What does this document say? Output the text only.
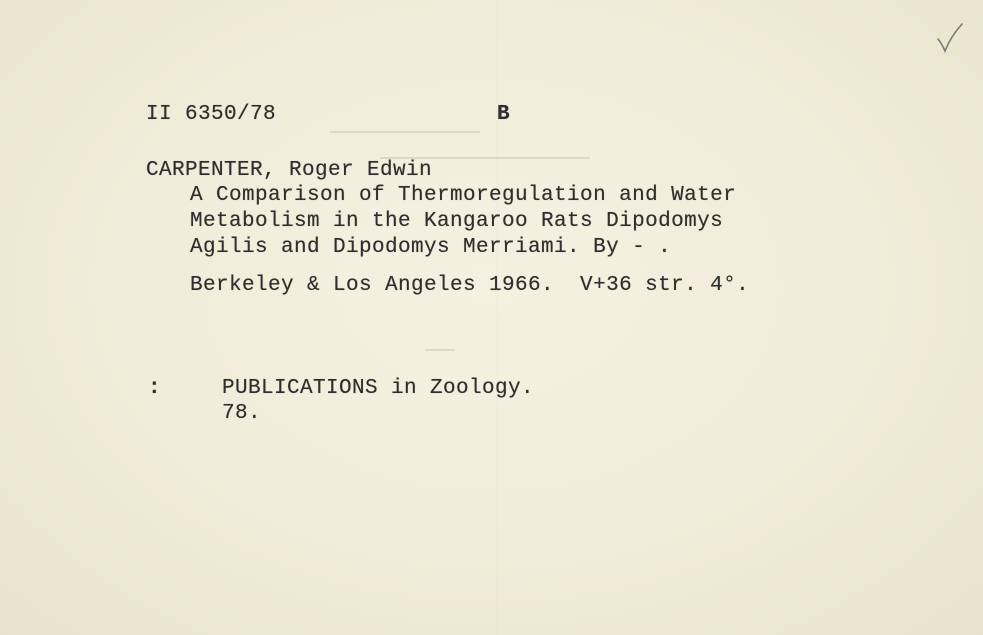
II 6350/78	B
CARPENTER, Roger Edwin
A Comparison of Thermoregulation and Water
Metabolism in the Kangaroo Rats Dipodomys
Agilis and Dipodomys Merriami. By - .
Berkeley & Los Angeles 1966.  V+36 str. 4°.
:	PUBLICATIONS in Zoology.
78.
